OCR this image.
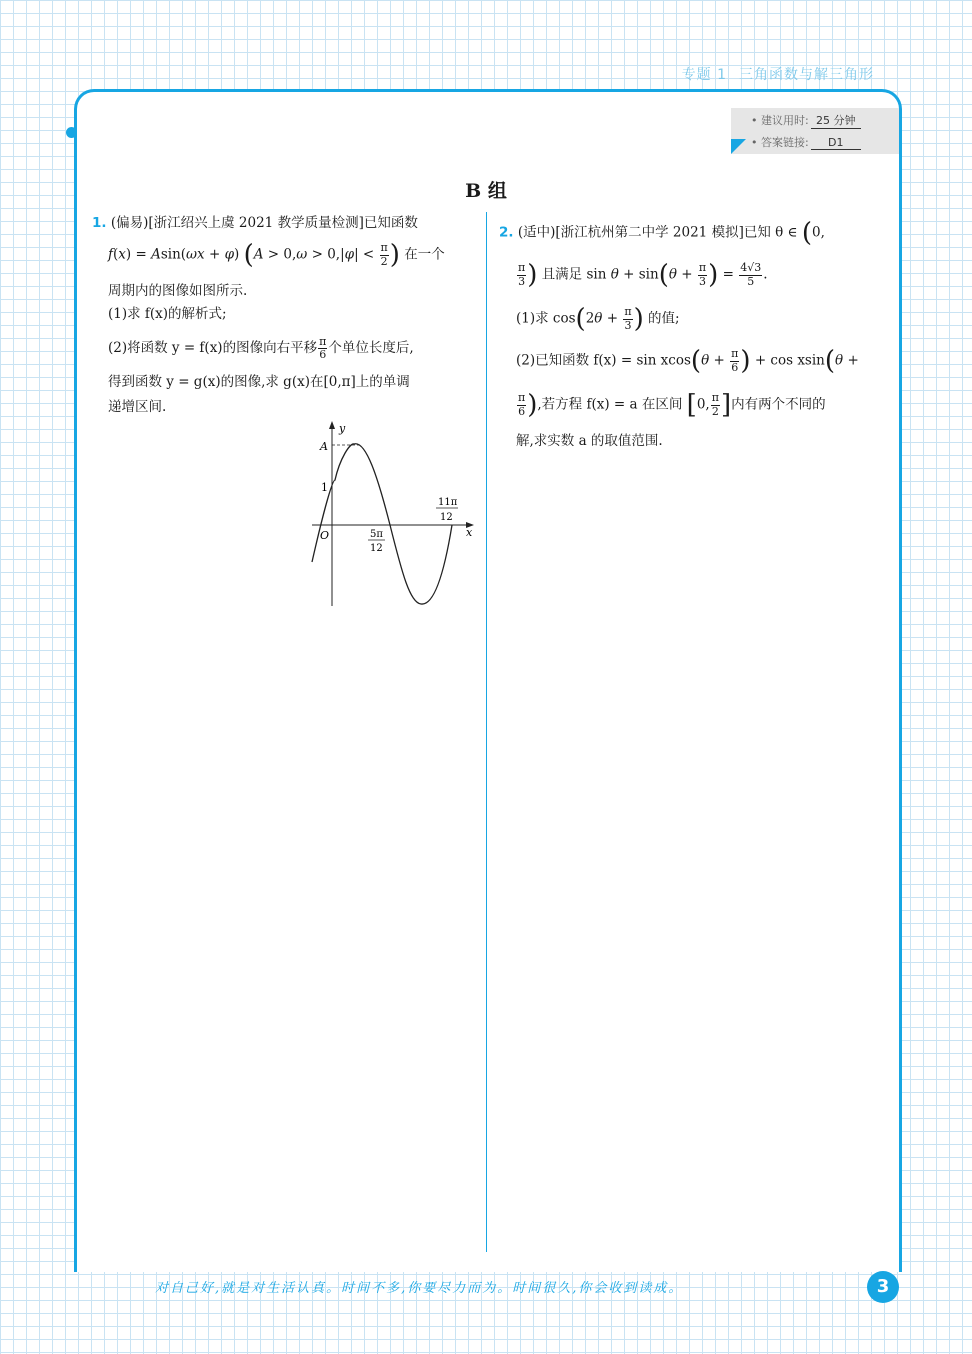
专题 1 三角函数与解三角形
• 建议用时: 25 分钟
• 答案链接: D1
B 组
1. (偏易)[浙江绍兴上虞 2021 教学质量检测]已知函数
f(x) = Asin(ωx + φ) ($A > 0,\omega > 0,|\varphi| < \frac{\pi}{2}$ ) 在一个
周期内的图像如图所示.
(1)求 f(x)的解析式;
(2)将函数 y = f(x)的图像向右平移 $\frac{\pi}{6}$ 个单位长度后,
得到函数 y = g(x)的图像,求 g(x)在[0,π]上的单调
递增区间.
y
x
O
A
1
5π
12
11π
12
2. (适中)[浙江杭州第二中学 2021 模拟]已知 θ ∈ (0,
$\frac{\pi}{3}$ ) 且满足 $\sin \theta + \sin(\theta + \frac{\pi}{3}$ ) = $\frac{4√3}{5}$ .
(1)求 $\cos(2\theta + \frac{\pi}{3}$ ) 的值;
(2)已知函数 $f(x) = \sin xcos(\theta + \frac{\pi}{6}$ ) + cos xsin(θ +
$\frac{\pi}{6}$ ),若方程 f(x) = a 在区间 [0, $\frac{\pi}{2}$ ]内有两个不同的
解,求实数 a 的取值范围.
对自己好,就是对生活认真。时间不多,你要尽力而为。时间很久,你会收到读成。	3
